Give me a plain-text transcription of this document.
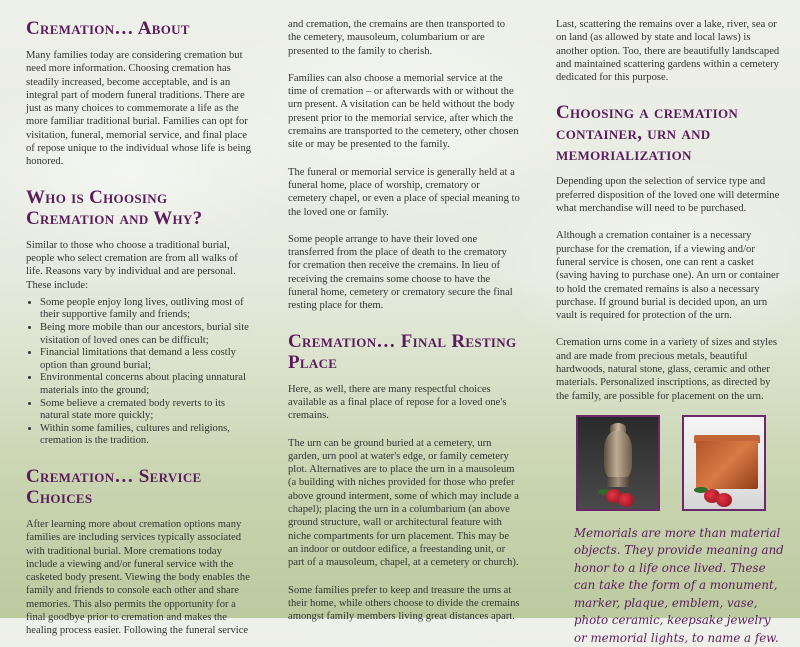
Cremation… About

Many families today are considering cremation but need more information. Choosing cremation has steadily increased, become acceptable, and is an integral part of modern funeral traditions. There are just as many choices to commemorate a life as the more familiar traditional burial. Families can opt for visitation, funeral, memorial service, and final place of repose unique to the individual whose life is being honored.

Who is Choosing Cremation and Why?

Similar to those who choose a traditional burial, people who select cremation are from all walks of life. Reasons vary by individual and are personal. These include:

• Some people enjoy long lives, outliving most of their supportive family and friends;
• Being more mobile than our ancestors, burial site visitation of loved ones can be difficult;
• Financial limitations that demand a less costly option than ground burial;
• Environmental concerns about placing unnatural materials into the ground;
• Some believe a cremated body reverts to its natural state more quickly;
• Within some families, cultures and religions, cremation is the tradition.
Cremation… Service Choices

After learning more about cremation options many families are including services typically associated with traditional burial. More cremations today include a viewing and/or funeral service with the casketed body present. Viewing the body enables the family and friends to console each other and share memories. This also permits the opportunity for a final goodbye prior to cremation and makes the healing process easier. Following the funeral service

and cremation, the cremains are then transported to the cemetery, mausoleum, columbarium or are presented to the family to cherish.

Families can also choose a memorial service at the time of cremation – or afterwards with or without the urn present. A visitation can be held without the body present prior to the memorial service, after which the cremains are transported to the cemetery, other chosen site or may be presented to the family.

The funeral or memorial service is generally held at a funeral home, place of worship, crematory or cemetery chapel, or even a place of special meaning to the loved one or family.

Some people arrange to have their loved one transferred from the place of death to the crematory for cremation then receive the cremains. In lieu of receiving the cremains some choose to have the funeral home, cemetery or crematory secure the final resting place for them.

Cremation… Final Resting Place

Here, as well, there are many respectful choices available as a final place of repose for a loved one's cremains.

The urn can be ground buried at a cemetery, urn garden, urn pool at water's edge, or family cemetery plot. Alternatives are to place the urn in a mausoleum (a building with niches provided for those who prefer above ground interment, some of which may include a chapel); placing the urn in a columbarium (an above ground structure, wall or architectural feature with niche compartments for urn placement. This may be an indoor or outdoor edifice, a freestanding unit, or part of a mausoleum, chapel, at a cemetery or church).

Some families prefer to keep and treasure the urns at their home, while others choose to divide the cremains amongst family members living great distances apart.

Last, scattering the remains over a lake, river, sea or on land (as allowed by state and local laws) is another option. Too, there are beautifully landscaped and maintained scattering gardens within a cemetery dedicated for this purpose.

Choosing a cremation container, urn and memorialization

Depending upon the selection of service type and preferred disposition of the loved one will determine what merchandise will need to be purchased.

Although a cremation container is a necessary purchase for the cremation, if a viewing and/or funeral service is chosen, one can rent a casket (saving having to purchase one). An urn or container to hold the cremated remains is also a necessary purchase. If ground burial is decided upon, an urn vault is required for protection of the urn.

Cremation urns come in a variety of sizes and styles and are made from precious metals, beautiful hardwoods, natural stone, glass, ceramic and other materials. Personalized inscriptions, as directed by the family, are possible for placement on the urn.

Memorials are more than material objects. They provide meaning and honor to a life once lived. These can take the form of a monument, marker, plaque, emblem, vase, photo ceramic, keepsake jewelry or memorial lights, to name a few.
